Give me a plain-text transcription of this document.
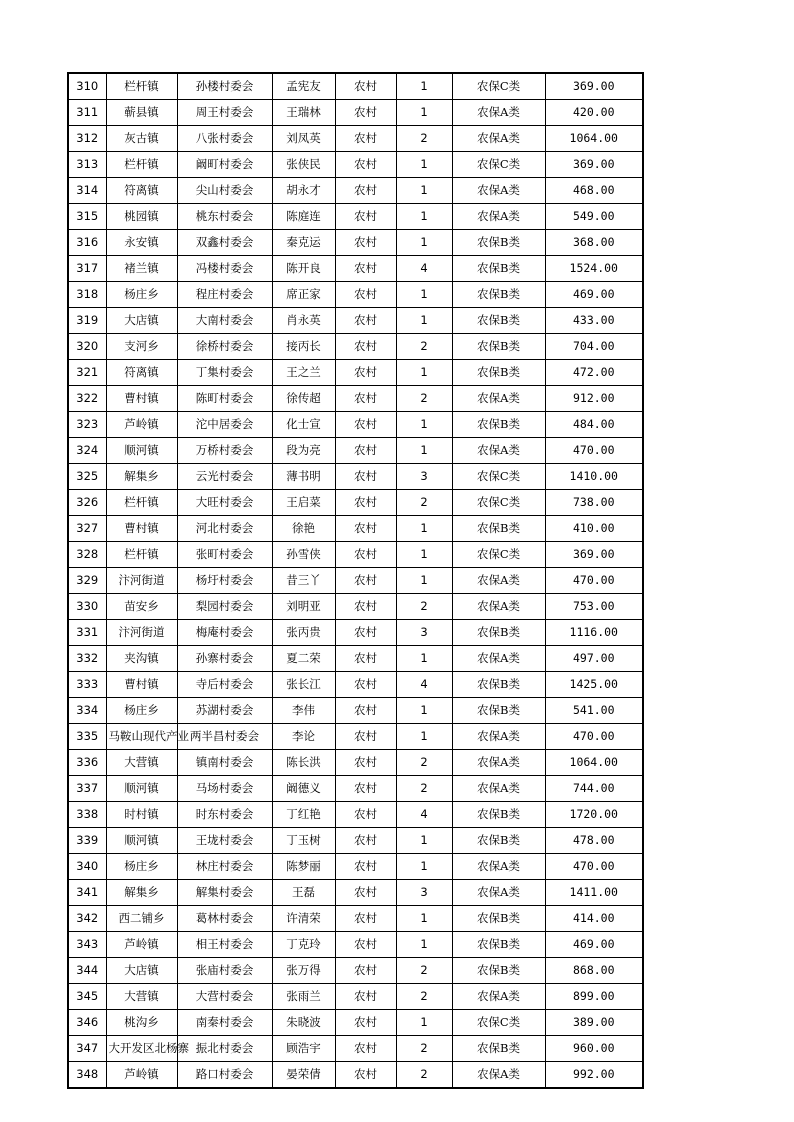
310	栏杆镇	孙楼村委会	孟宪友	农村	1	农保C类	369.00
311	蕲县镇	周王村委会	王瑞林	农村	1	农保A类	420.00
312	灰古镇	八张村委会	刘凤英	农村	2	农保A类	1064.00
313	栏杆镇	阚町村委会	张侠民	农村	1	农保C类	369.00
314	符离镇	尖山村委会	胡永才	农村	1	农保A类	468.00
315	桃园镇	桃东村委会	陈庭连	农村	1	农保A类	549.00
316	永安镇	双鑫村委会	秦克运	农村	1	农保B类	368.00
317	褚兰镇	冯楼村委会	陈开良	农村	4	农保B类	1524.00
318	杨庄乡	程庄村委会	席正家	农村	1	农保B类	469.00
319	大店镇	大南村委会	肖永英	农村	1	农保B类	433.00
320	支河乡	徐桥村委会	接丙长	农村	2	农保B类	704.00
321	符离镇	丁集村委会	王之兰	农村	1	农保B类	472.00
322	曹村镇	陈町村委会	徐传超	农村	2	农保A类	912.00
323	芦岭镇	沱中居委会	化士宣	农村	1	农保B类	484.00
324	顺河镇	万桥村委会	段为亮	农村	1	农保A类	470.00
325	解集乡	云光村委会	薄书明	农村	3	农保C类	1410.00
326	栏杆镇	大旺村委会	王启菜	农村	2	农保C类	738.00
327	曹村镇	河北村委会	徐艳	农村	1	农保B类	410.00
328	栏杆镇	张町村委会	孙雪侠	农村	1	农保C类	369.00
329	汴河街道	杨圩村委会	昔三丫	农村	1	农保A类	470.00
330	苗安乡	梨园村委会	刘明亚	农村	2	农保A类	753.00
331	汴河街道	梅庵村委会	张丙贵	农村	3	农保B类	1116.00
332	夹沟镇	孙寨村委会	夏二荣	农村	1	农保A类	497.00
333	曹村镇	寺后村委会	张长江	农村	4	农保B类	1425.00
334	杨庄乡	苏湖村委会	李伟	农村	1	农保B类	541.00
335	马鞍山现代产业	两半昌村委会	李论	农村	1	农保A类	470.00
336	大营镇	镇南村委会	陈长洪	农村	2	农保A类	1064.00
337	顺河镇	马场村委会	阚德义	农村	2	农保A类	744.00
338	时村镇	时东村委会	丁红艳	农村	4	农保B类	1720.00
339	顺河镇	王垅村委会	丁玉树	农村	1	农保B类	478.00
340	杨庄乡	林庄村委会	陈梦丽	农村	1	农保A类	470.00
341	解集乡	解集村委会	王磊	农村	3	农保A类	1411.00
342	西二铺乡	葛林村委会	许清荣	农村	1	农保B类	414.00
343	芦岭镇	相王村委会	丁克玲	农村	1	农保B类	469.00
344	大店镇	张庙村委会	张万得	农村	2	农保B类	868.00
345	大营镇	大营村委会	张雨兰	农村	2	农保A类	899.00
346	桃沟乡	南秦村委会	朱晓波	农村	1	农保C类	389.00
347	大开发区北杨寨	振北村委会	顾浩宇	农村	2	农保B类	960.00
348	芦岭镇	路口村委会	晏荣倩	农村	2	农保A类	992.00
